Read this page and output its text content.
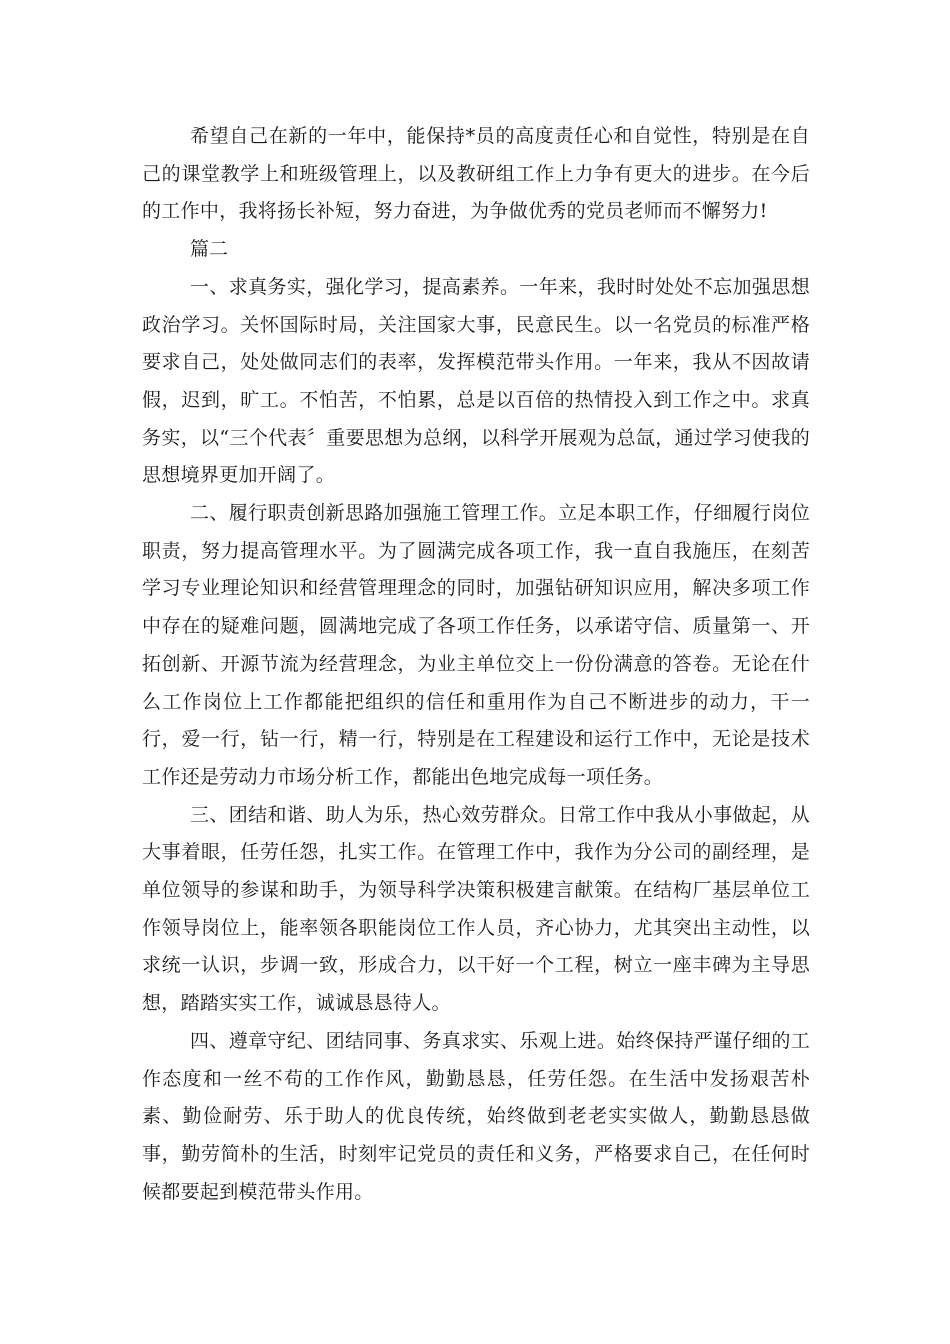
希望自己在新的一年中，能保持*员的高度责任心和自觉性，特别是在自己的课堂教学上和班级管理上，以及教研组工作上力争有更大的进步。在今后的工作中，我将扬长补短，努力奋进，为争做优秀的党员老师而不懈努力!

篇二

一、求真务实，强化学习，提高素养。一年来，我时时处处不忘加强思想政治学习。关怀国际时局，关注国家大事，民意民生。以一名党员的标准严格要求自己，处处做同志们的表率，发挥模范带头作用。一年来，我从不因故请假，迟到，旷工。不怕苦，不怕累，总是以百倍的热情投入到工作之中。求真务实，以“三个代表〞重要思想为总纲，以科学开展观为总氙，通过学习使我的思想境界更加开阔了。

二、履行职责创新思路加强施工管理工作。立足本职工作，仔细履行岗位职责，努力提高管理水平。为了圆满完成各项工作，我一直自我施压，在刻苦学习专业理论知识和经营管理理念的同时，加强钻研知识应用，解决多项工作中存在的疑难问题，圆满地完成了各项工作任务，以承诺守信、质量第一、开拓创新、开源节流为经营理念，为业主单位交上一份份满意的答卷。无论在什么工作岗位上工作都能把组织的信任和重用作为自己不断进步的动力，干一行，爱一行，钻一行，精一行，特别是在工程建设和运行工作中，无论是技术工作还是劳动力市场分析工作，都能出色地完成每一项任务。

三、团结和谐、助人为乐，热心效劳群众。日常工作中我从小事做起，从大事着眼，任劳任怨，扎实工作。在管理工作中，我作为分公司的副经理，是单位领导的参谋和助手，为领导科学决策积极建言献策。在结构厂基层单位工作领导岗位上，能率领各职能岗位工作人员，齐心协力，尤其突出主动性，以求统一认识，步调一致，形成合力，以干好一个工程，树立一座丰碑为主导思想，踏踏实实工作，诚诚恳恳待人。

四、遵章守纪、团结同事、务真求实、乐观上进。始终保持严谨仔细的工作态度和一丝不苟的工作作风，勤勤恳恳，任劳任怨。在生活中发扬艰苦朴素、勤俭耐劳、乐于助人的优良传统，始终做到老老实实做人，勤勤恳恳做事，勤劳简朴的生活，时刻牢记党员的责任和义务，严格要求自己，在任何时候都要起到模范带头作用。
